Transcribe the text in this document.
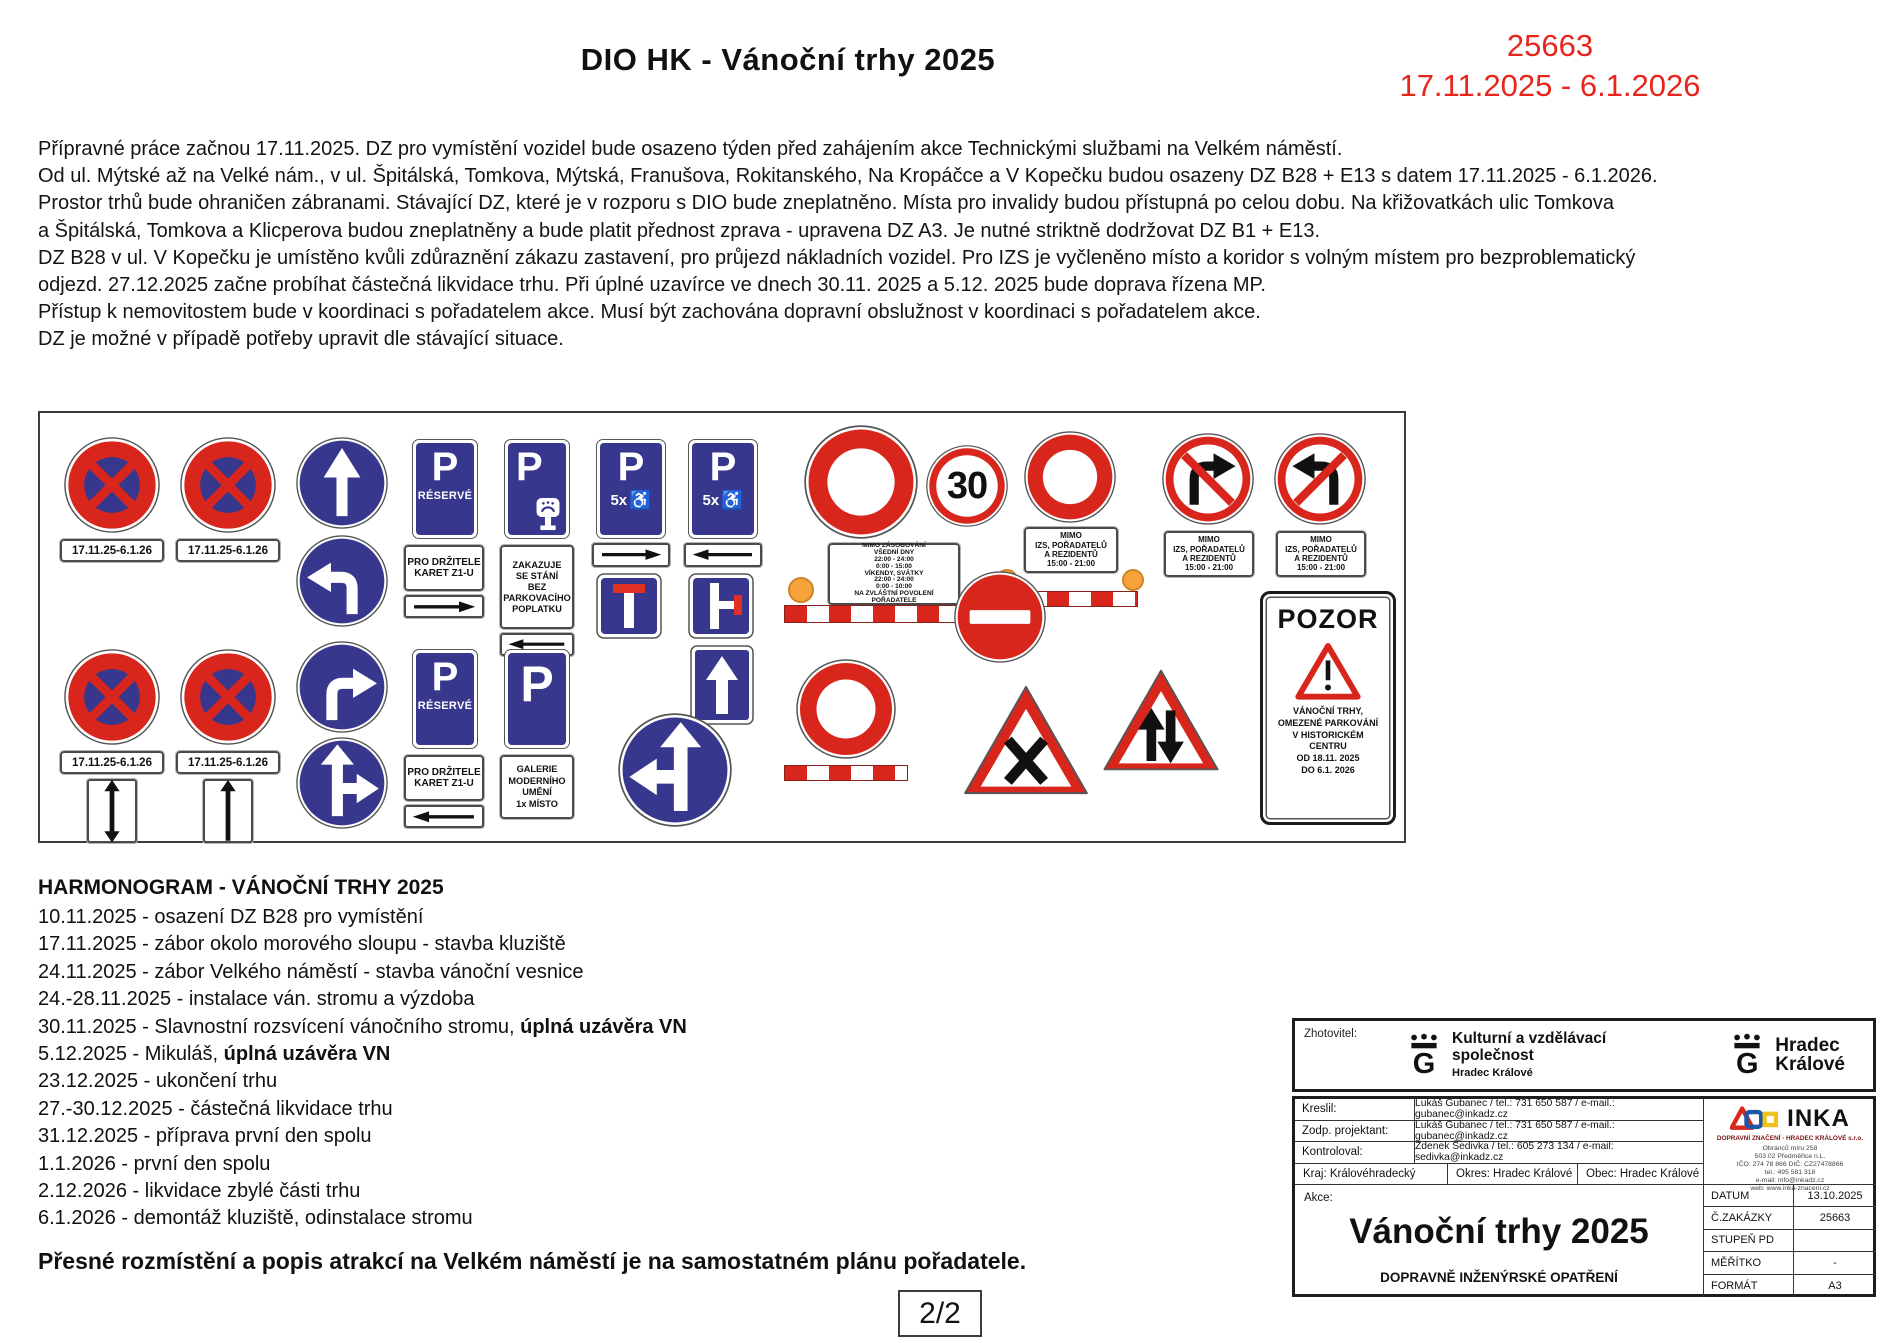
DIO HK - Vánoční trhy 2025	25663
17.11.2025 - 6.1.2026
Přípravné práce začnou 17.11.2025. DZ pro vymístění vozidel bude osazeno týden před zahájením akce Technickými službami na Velkém náměstí.
Od ul. Mýtské až na Velké nám., v ul. Špitálská, Tomkova, Mýtská, Franušova, Rokitanského, Na Kropáčce a V Kopečku budou osazeny DZ B28 + E13 s datem 17.11.2025 - 6.1.2026.
Prostor trhů bude ohraničen zábranami. Stávající DZ, které je v rozporu s DIO bude zneplatněno. Místa pro invalidy budou přístupná po celou dobu. Na křižovatkách ulic Tomkova
a Špitálská, Tomkova a Klicperova budou zneplatněny a bude platit přednost zprava - upravena DZ A3. Je nutné striktně dodržovat DZ B1 + E13.
DZ B28 v ul. V Kopečku je umístěno kvůli zdůraznění zákazu zastavení, pro průjezd nákladních vozidel. Pro IZS je vyčleněno místo a koridor s volným místem pro bezproblematický
odjezd. 27.12.2025 začne probíhat částečná likvidace trhu. Při úplné uzavírce ve dnech 30.11. 2025 a 5.12. 2025 bude doprava řízena MP.
Přístup k nemovitostem bude v koordinaci s pořadatelem akce. Musí být zachována dopravní obslužnost v koordinaci s pořadatelem akce.
DZ je možné v případě potřeby upravit dle stávající situace.
17.11.25-6.1.26	17.11.25-6.1.26
P
RÉSERVÉ
PRO DRŽITELE
KARET Z1-U
P
ZAKAZUJE
SE STÁNÍ
BEZ
PARKOVACÍHO
POPLATKU
P
5x ♿
P
5x ♿
MIMO ZÁSOBOVÁNÍ
VŠEDNÍ DNY
22:00 - 24:00
0:00 - 15:00
VÍKENDY, SVÁTKY
22:00 - 24:00
0:00 - 10:00
NA ZVLÁŠTNÍ POVOLENÍ
POŘADATELE
30
MIMO
IZS, POŘADATELŮ
A REZIDENTŮ
15:00 - 21:00
MIMO
IZS, POŘADATELŮ
A REZIDENTŮ
15:00 - 21:00
MIMO
IZS, POŘADATELŮ
A REZIDENTŮ
15:00 - 21:00
17.11.25-6.1.26	17.11.25-6.1.26
P
RÉSERVÉ
PRO DRŽITELE
KARET Z1-U
P
GALERIE
MODERNÍHO
UMĚNÍ
1x MÍSTO
POZOR
VÁNOČNÍ TRHY,
OMEZENÉ PARKOVÁNÍ
V HISTORICKÉM
CENTRU
OD 18.11. 2025
DO 6.1. 2026
HARMONOGRAM - VÁNOČNÍ TRHY 2025
10.11.2025 - osazení DZ B28 pro vymístění
17.11.2025 - zábor okolo morového sloupu - stavba kluziště
24.11.2025 - zábor Velkého náměstí - stavba vánoční vesnice
24.-28.11.2025 - instalace ván. stromu a výzdoba
30.11.2025 - Slavnostní rozsvícení vánočního stromu, úplná uzávěra VN
5.12.2025 - Mikuláš, úplná uzávěra VN
23.12.2025 - ukončení trhu
27.-30.12.2025 - částečná likvidace trhu
31.12.2025 - příprava první den spolu
1.1.2026 - první den spolu
2.12.2026 - likvidace zbylé části trhu
6.1.2026 - demontáž kluziště, odinstalace stromu
Přesné rozmístění a popis atrakcí na Velkém náměstí je na samostatném plánu pořadatele.
2/2
Zhotovitel:
G
Kulturní a vzdělávací
společnost
Hradec Králové	G
Hradec
Králové
Kreslil:	Lukáš Gubanec / tel.: 731 650 587 / e-mail.: gubanec@inkadz.cz
Zodp. projektant:	Lukáš Gubanec / tel.: 731 650 587 / e-mail.: gubanec@inkadz.cz
Kontroloval:	Zdenek Šedivka / tel.: 605 273 134 / e-mail: sedivka@inkadz.cz
Kraj: Královéhradecký	Okres: Hradec Králové	Obec: Hradec Králové
INKA
DOPRAVNÍ ZNAČENÍ - HRADEC KRÁLOVÉ s.r.o.
Obránců míru 258
503 02 Předměřice n.L.
IČO: 274 78 866 DIČ: CZ27478866
tel.: 495 581 318
e-mail: info@inkadz.cz
web: www.inka-znaceni.cz
Akce:
Vánoční trhy 2025
DOPRAVNĚ INŽENÝRSKÉ OPATŘENÍ
DATUM	13.10.2025
Č.ZAKÁZKY	25663
STUPEŇ PD
MĚŘÍTKO	-
FORMÁT	A3
